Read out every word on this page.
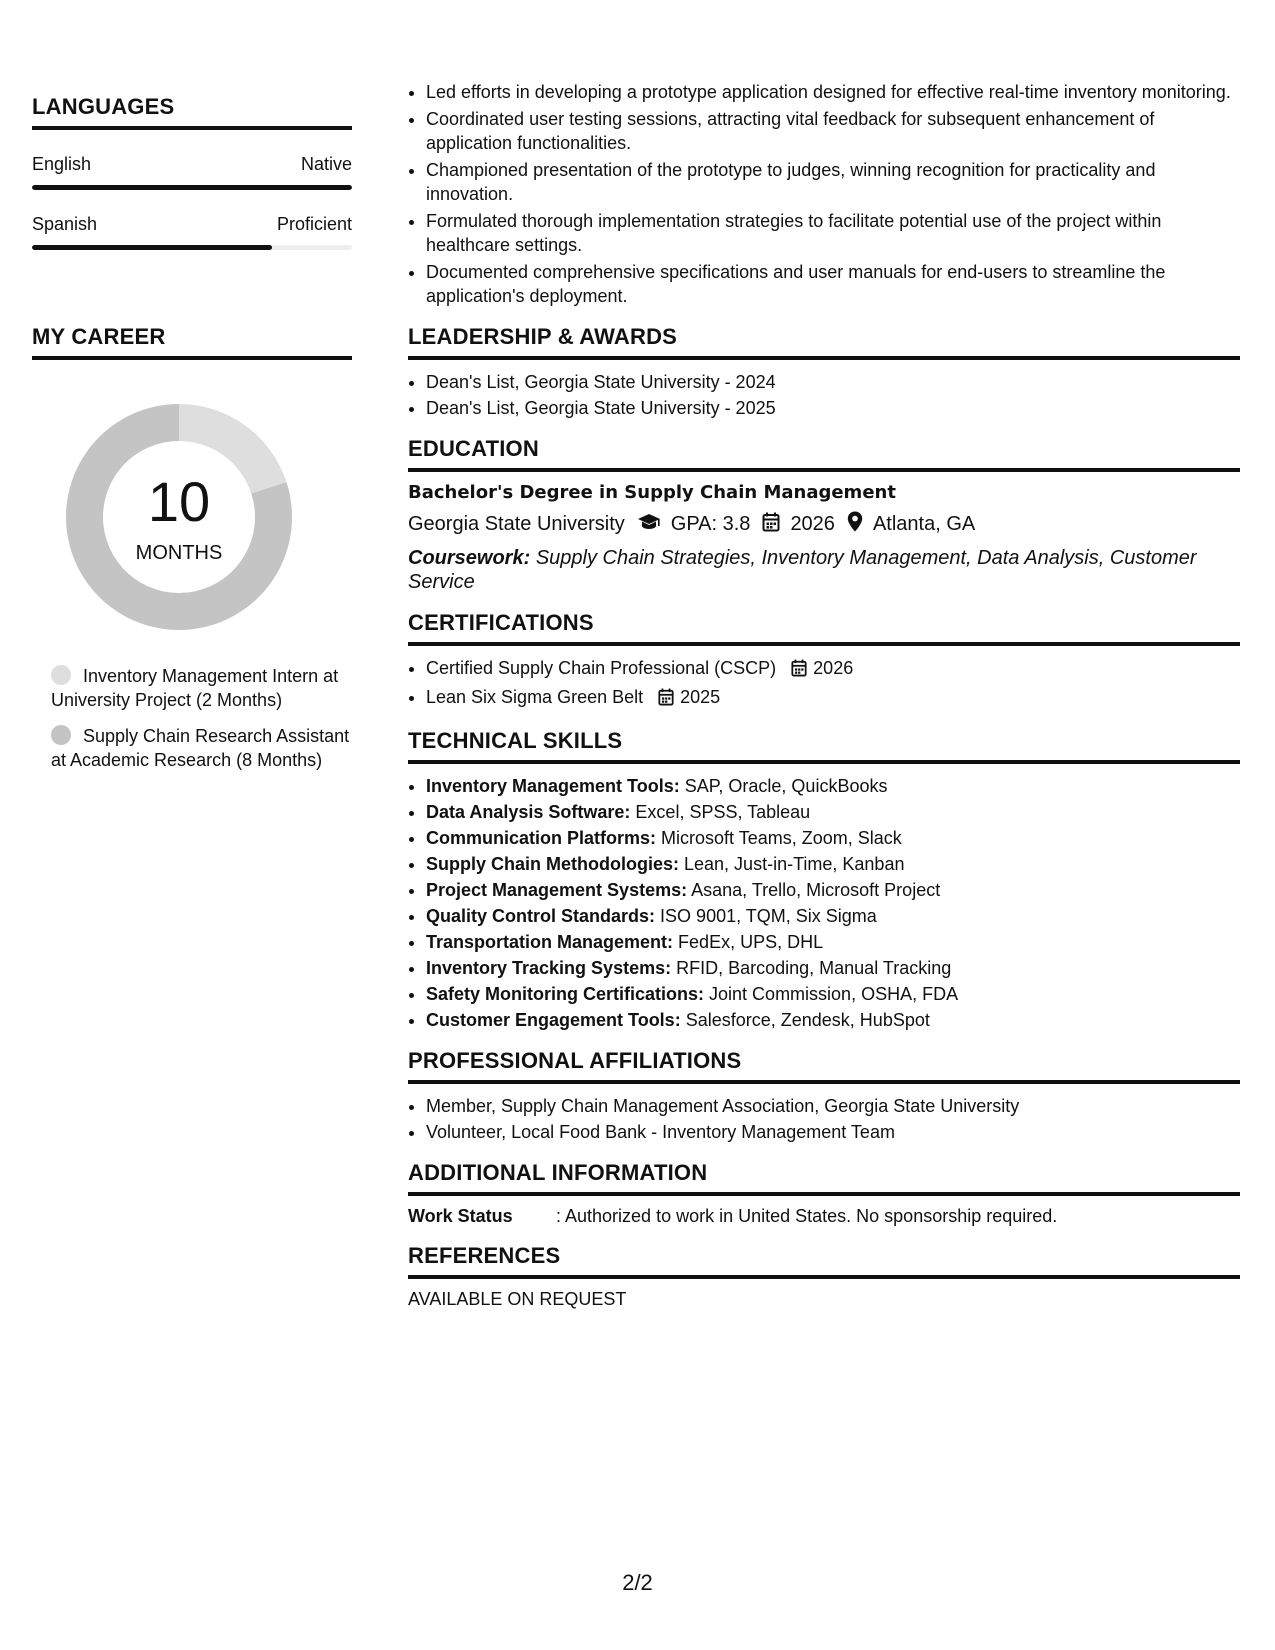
LANGUAGES
English	Native
Spanish	Proficient
MY CAREER
10
MONTHS
Inventory Management Intern at University Project (2 Months)
Supply Chain Research Assistant at Academic Research (8 Months)
• Led efforts in developing a prototype application designed for effective real-time inventory monitoring.
• Coordinated user testing sessions, attracting vital feedback for subsequent enhancement of application functionalities.
• Championed presentation of the prototype to judges, winning recognition for practicality and innovation.
• Formulated thorough implementation strategies to facilitate potential use of the project within healthcare settings.
• Documented comprehensive specifications and user manuals for end-users to streamline the application's deployment.
LEADERSHIP & AWARDS
• Dean's List, Georgia State University - 2024
• Dean's List, Georgia State University - 2025
EDUCATION
Bachelor's Degree in Supply Chain Management
Georgia State University GPA: 3.8 2026 Atlanta, GA
Coursework: Supply Chain Strategies, Inventory Management, Data Analysis, Customer Service
CERTIFICATIONS
• Certified Supply Chain Professional (CSCP) 2026
• Lean Six Sigma Green Belt 2025
TECHNICAL SKILLS
• Inventory Management Tools: SAP, Oracle, QuickBooks
• Data Analysis Software: Excel, SPSS, Tableau
• Communication Platforms: Microsoft Teams, Zoom, Slack
• Supply Chain Methodologies: Lean, Just-in-Time, Kanban
• Project Management Systems: Asana, Trello, Microsoft Project
• Quality Control Standards: ISO 9001, TQM, Six Sigma
• Transportation Management: FedEx, UPS, DHL
• Inventory Tracking Systems: RFID, Barcoding, Manual Tracking
• Safety Monitoring Certifications: Joint Commission, OSHA, FDA
• Customer Engagement Tools: Salesforce, Zendesk, HubSpot
PROFESSIONAL AFFILIATIONS
• Member, Supply Chain Management Association, Georgia State University
• Volunteer, Local Food Bank - Inventory Management Team
ADDITIONAL INFORMATION
Work Status	: Authorized to work in United States. No sponsorship required.
REFERENCES
AVAILABLE ON REQUEST
2/2
